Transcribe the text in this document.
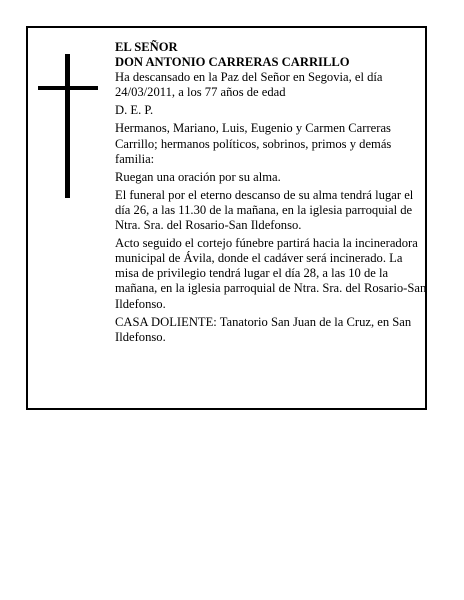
EL SEÑOR

DON ANTONIO CARRERAS CARRILLO

Ha descansado en la Paz del Señor en Segovia, el día 24/03/2011, a los 77 años de edad

D. E. P.

Hermanos, Mariano, Luis, Eugenio y Carmen Carreras Carrillo; hermanos políticos, sobrinos, primos y demás familia:

Ruegan una oración por su alma.

El funeral por el eterno descanso de su alma tendrá lugar el día 26, a las 11.30 de la mañana, en la iglesia parroquial de Ntra. Sra. del Rosario-San Ildefonso.

Acto seguido el cortejo fúnebre partirá hacia la incineradora municipal de Ávila, donde el cadáver será incinerado. La misa de privilegio tendrá lugar el día 28, a las 10 de la mañana, en la iglesia parroquial de Ntra. Sra. del Rosario-San Ildefonso.

CASA DOLIENTE: Tanatorio San Juan de la Cruz, en San Ildefonso.
